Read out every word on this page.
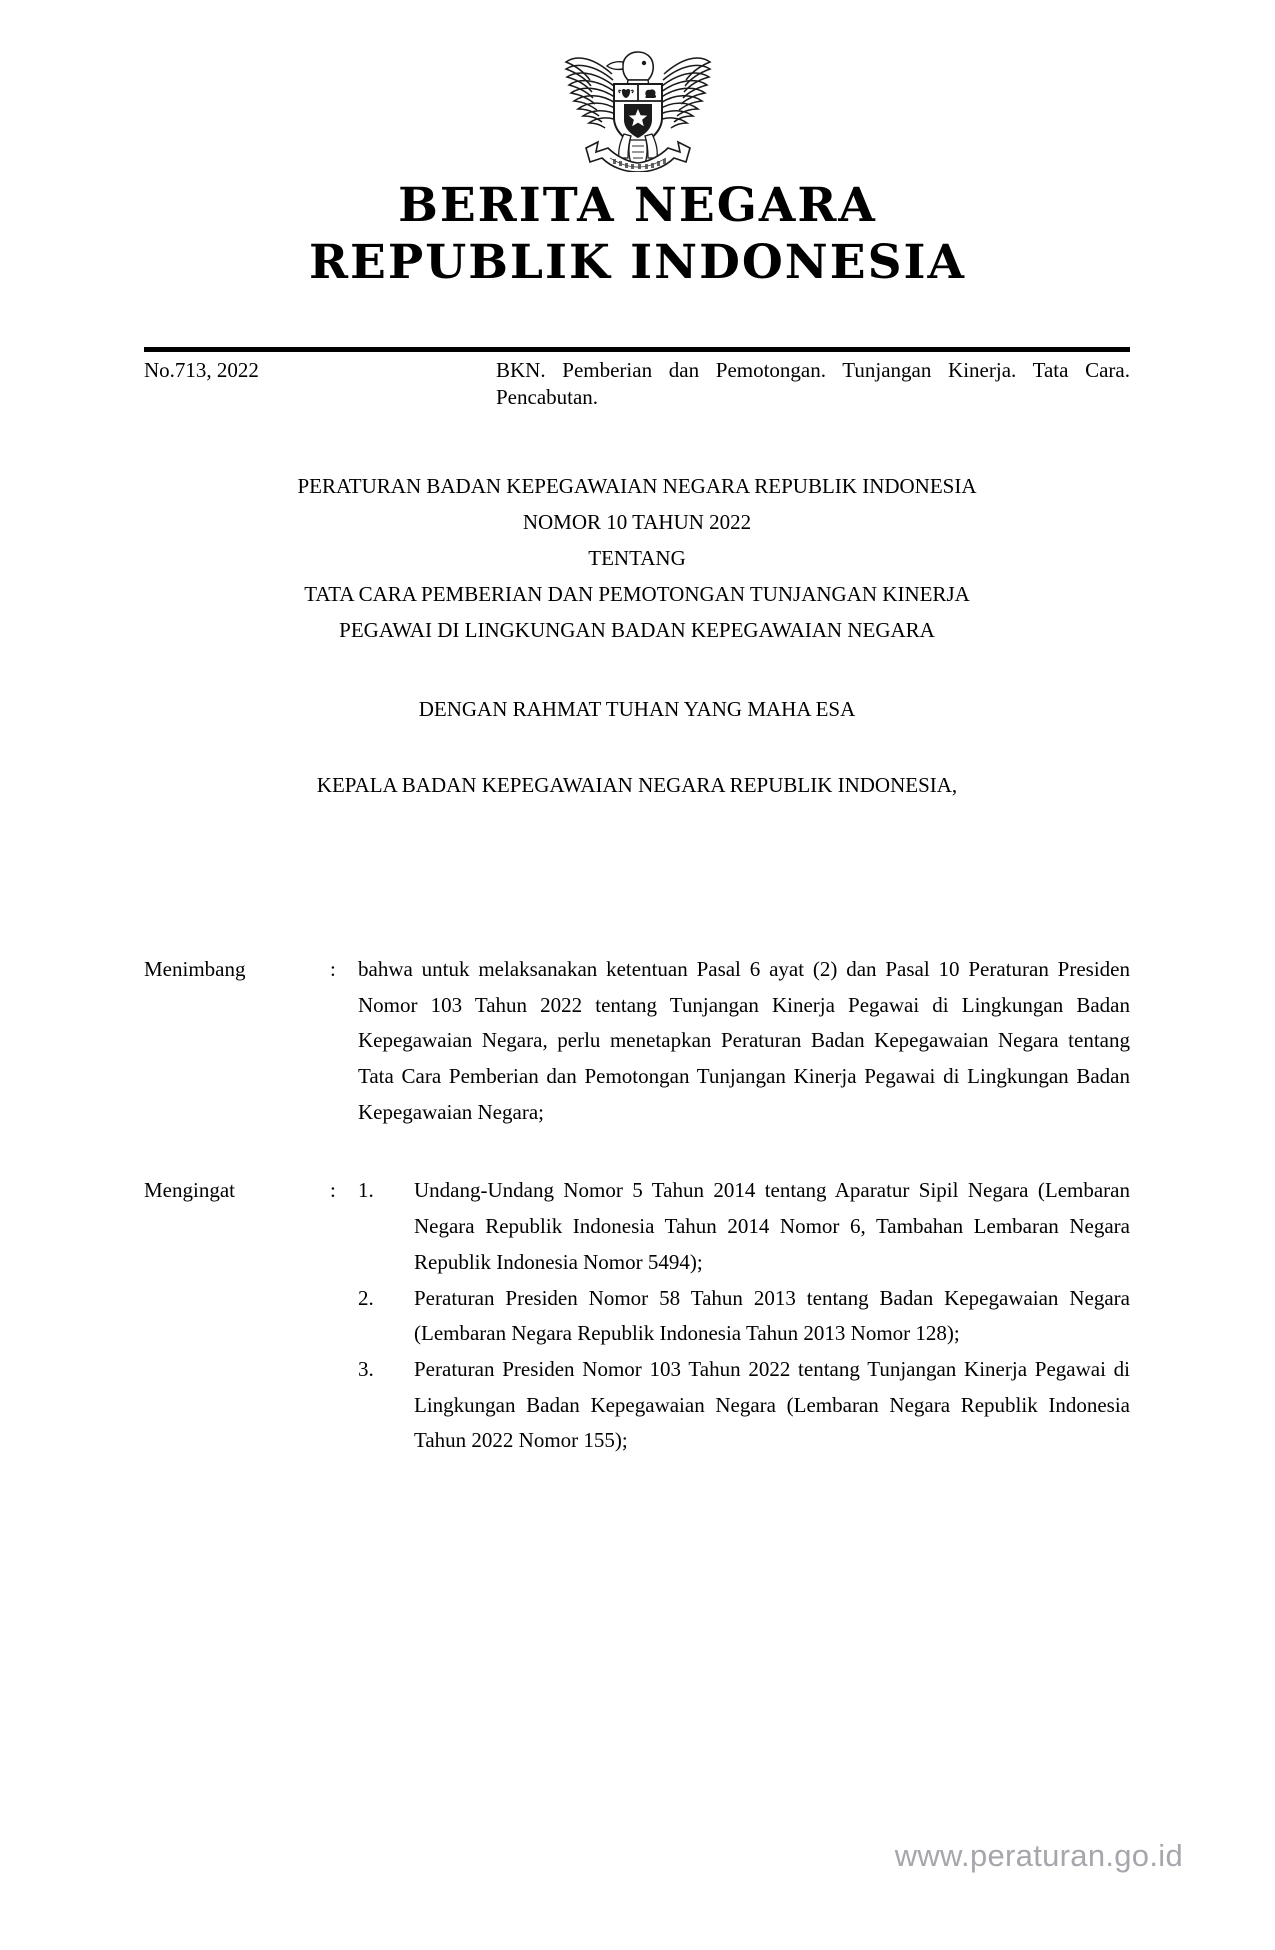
BERITA NEGARA
REPUBLIK INDONESIA
No.713, 2022	BKN. Pemberian dan Pemotongan. Tunjangan Kinerja. Tata Cara. Pencabutan.
PERATURAN BADAN KEPEGAWAIAN NEGARA REPUBLIK INDONESIA
NOMOR 10 TAHUN 2022
TENTANG
TATA CARA PEMBERIAN DAN PEMOTONGAN TUNJANGAN KINERJA
PEGAWAI DI LINGKUNGAN BADAN KEPEGAWAIAN NEGARA
DENGAN RAHMAT TUHAN YANG MAHA ESA
KEPALA BADAN KEPEGAWAIAN NEGARA REPUBLIK INDONESIA,
Menimbang	:	bahwa untuk melaksanakan ketentuan Pasal 6 ayat (2) dan Pasal 10 Peraturan Presiden Nomor 103 Tahun 2022 tentang Tunjangan Kinerja Pegawai di Lingkungan Badan Kepegawaian Negara, perlu menetapkan Peraturan Badan Kepegawaian Negara tentang Tata Cara Pemberian dan Pemotongan Tunjangan Kinerja Pegawai di Lingkungan Badan Kepegawaian Negara;
Mengingat	:	1.	Undang-Undang Nomor 5 Tahun 2014 tentang Aparatur Sipil Negara (Lembaran Negara Republik Indonesia Tahun 2014 Nomor 6, Tambahan Lembaran Negara Republik Indonesia Nomor 5494);
2.	Peraturan Presiden Nomor 58 Tahun 2013 tentang Badan Kepegawaian Negara (Lembaran Negara Republik Indonesia Tahun 2013 Nomor 128);
3.	Peraturan Presiden Nomor 103 Tahun 2022 tentang Tunjangan Kinerja Pegawai di Lingkungan Badan Kepegawaian Negara (Lembaran Negara Republik Indonesia Tahun 2022 Nomor 155);
www.peraturan.go.id
